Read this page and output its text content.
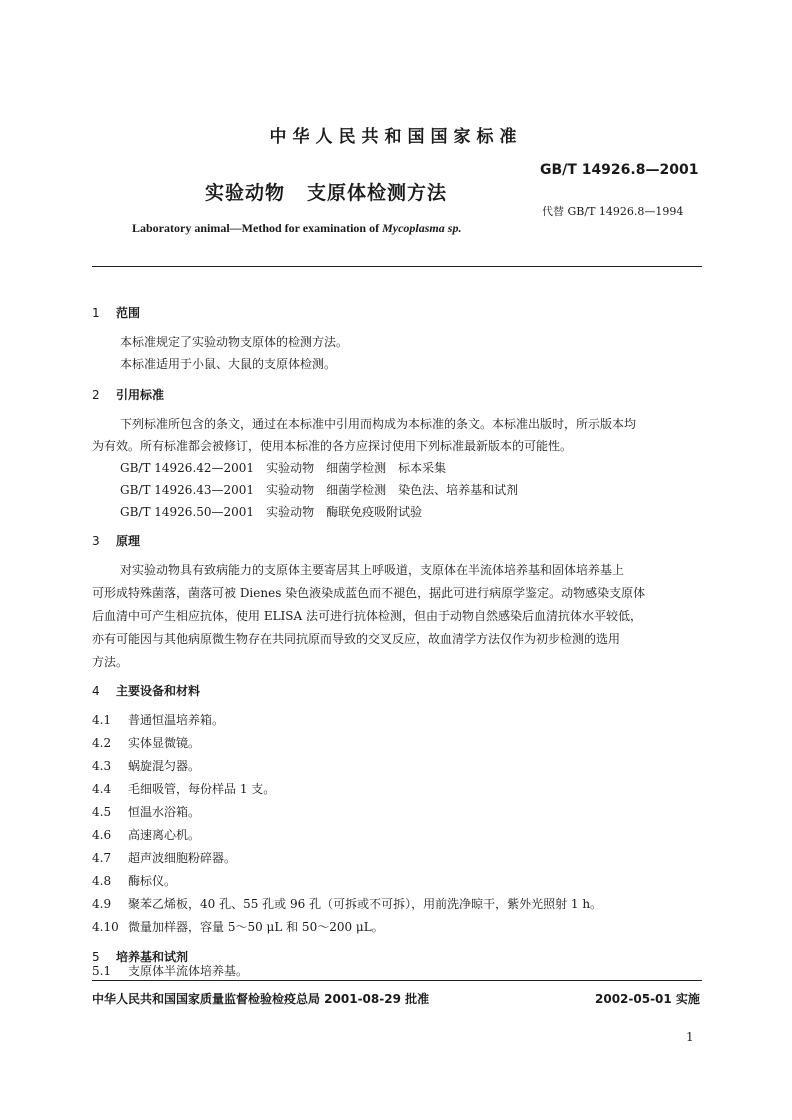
中华人民共和国国家标准
GB/T 14926.8—2001
实验动物 支原体检测方法
代替 GB/T 14926.8—1994
Laboratory animal—Method for examination of Mycoplasma sp.
1 范围
本标准规定了实验动物支原体的检测方法。
本标准适用于小鼠、大鼠的支原体检测。
2 引用标准
下列标准所包含的条文，通过在本标准中引用而构成为本标准的条文。本标准出版时，所示版本均
为有效。所有标准都会被修订，使用本标准的各方应探讨使用下列标准最新版本的可能性。
GB/T 14926.42—2001　实验动物　细菌学检测　标本采集
GB/T 14926.43—2001　实验动物　细菌学检测　染色法、培养基和试剂
GB/T 14926.50—2001　实验动物　酶联免疫吸附试验
3 原理
对实验动物具有致病能力的支原体主要寄居其上呼吸道，支原体在半流体培养基和固体培养基上
可形成特殊菌落，菌落可被 Dienes 染色液染成蓝色而不褪色，据此可进行病原学鉴定。动物感染支原体
后血清中可产生相应抗体，使用 ELISA 法可进行抗体检测，但由于动物自然感染后血清抗体水平较低，
亦有可能因与其他病原微生物存在共同抗原而导致的交叉反应，故血清学方法仅作为初步检测的选用
方法。
4 主要设备和材料
4.1 普通恒温培养箱。
4.2 实体显微镜。
4.3 蜗旋混匀器。
4.4 毛细吸管，每份样品 1 支。
4.5 恒温水浴箱。
4.6 高速离心机。
4.7 超声波细胞粉碎器。
4.8 酶标仪。
4.9 聚苯乙烯板，40 孔、55 孔或 96 孔（可拆或不可拆），用前洗净晾干，紫外光照射 1 h。
4.10 微量加样器，容量 5～50 μL 和 50～200 μL。
5 培养基和试剂
5.1 支原体半流体培养基。
中华人民共和国国家质量监督检验检疫总局 2001-08-29 批准	2002-05-01 实施
1
